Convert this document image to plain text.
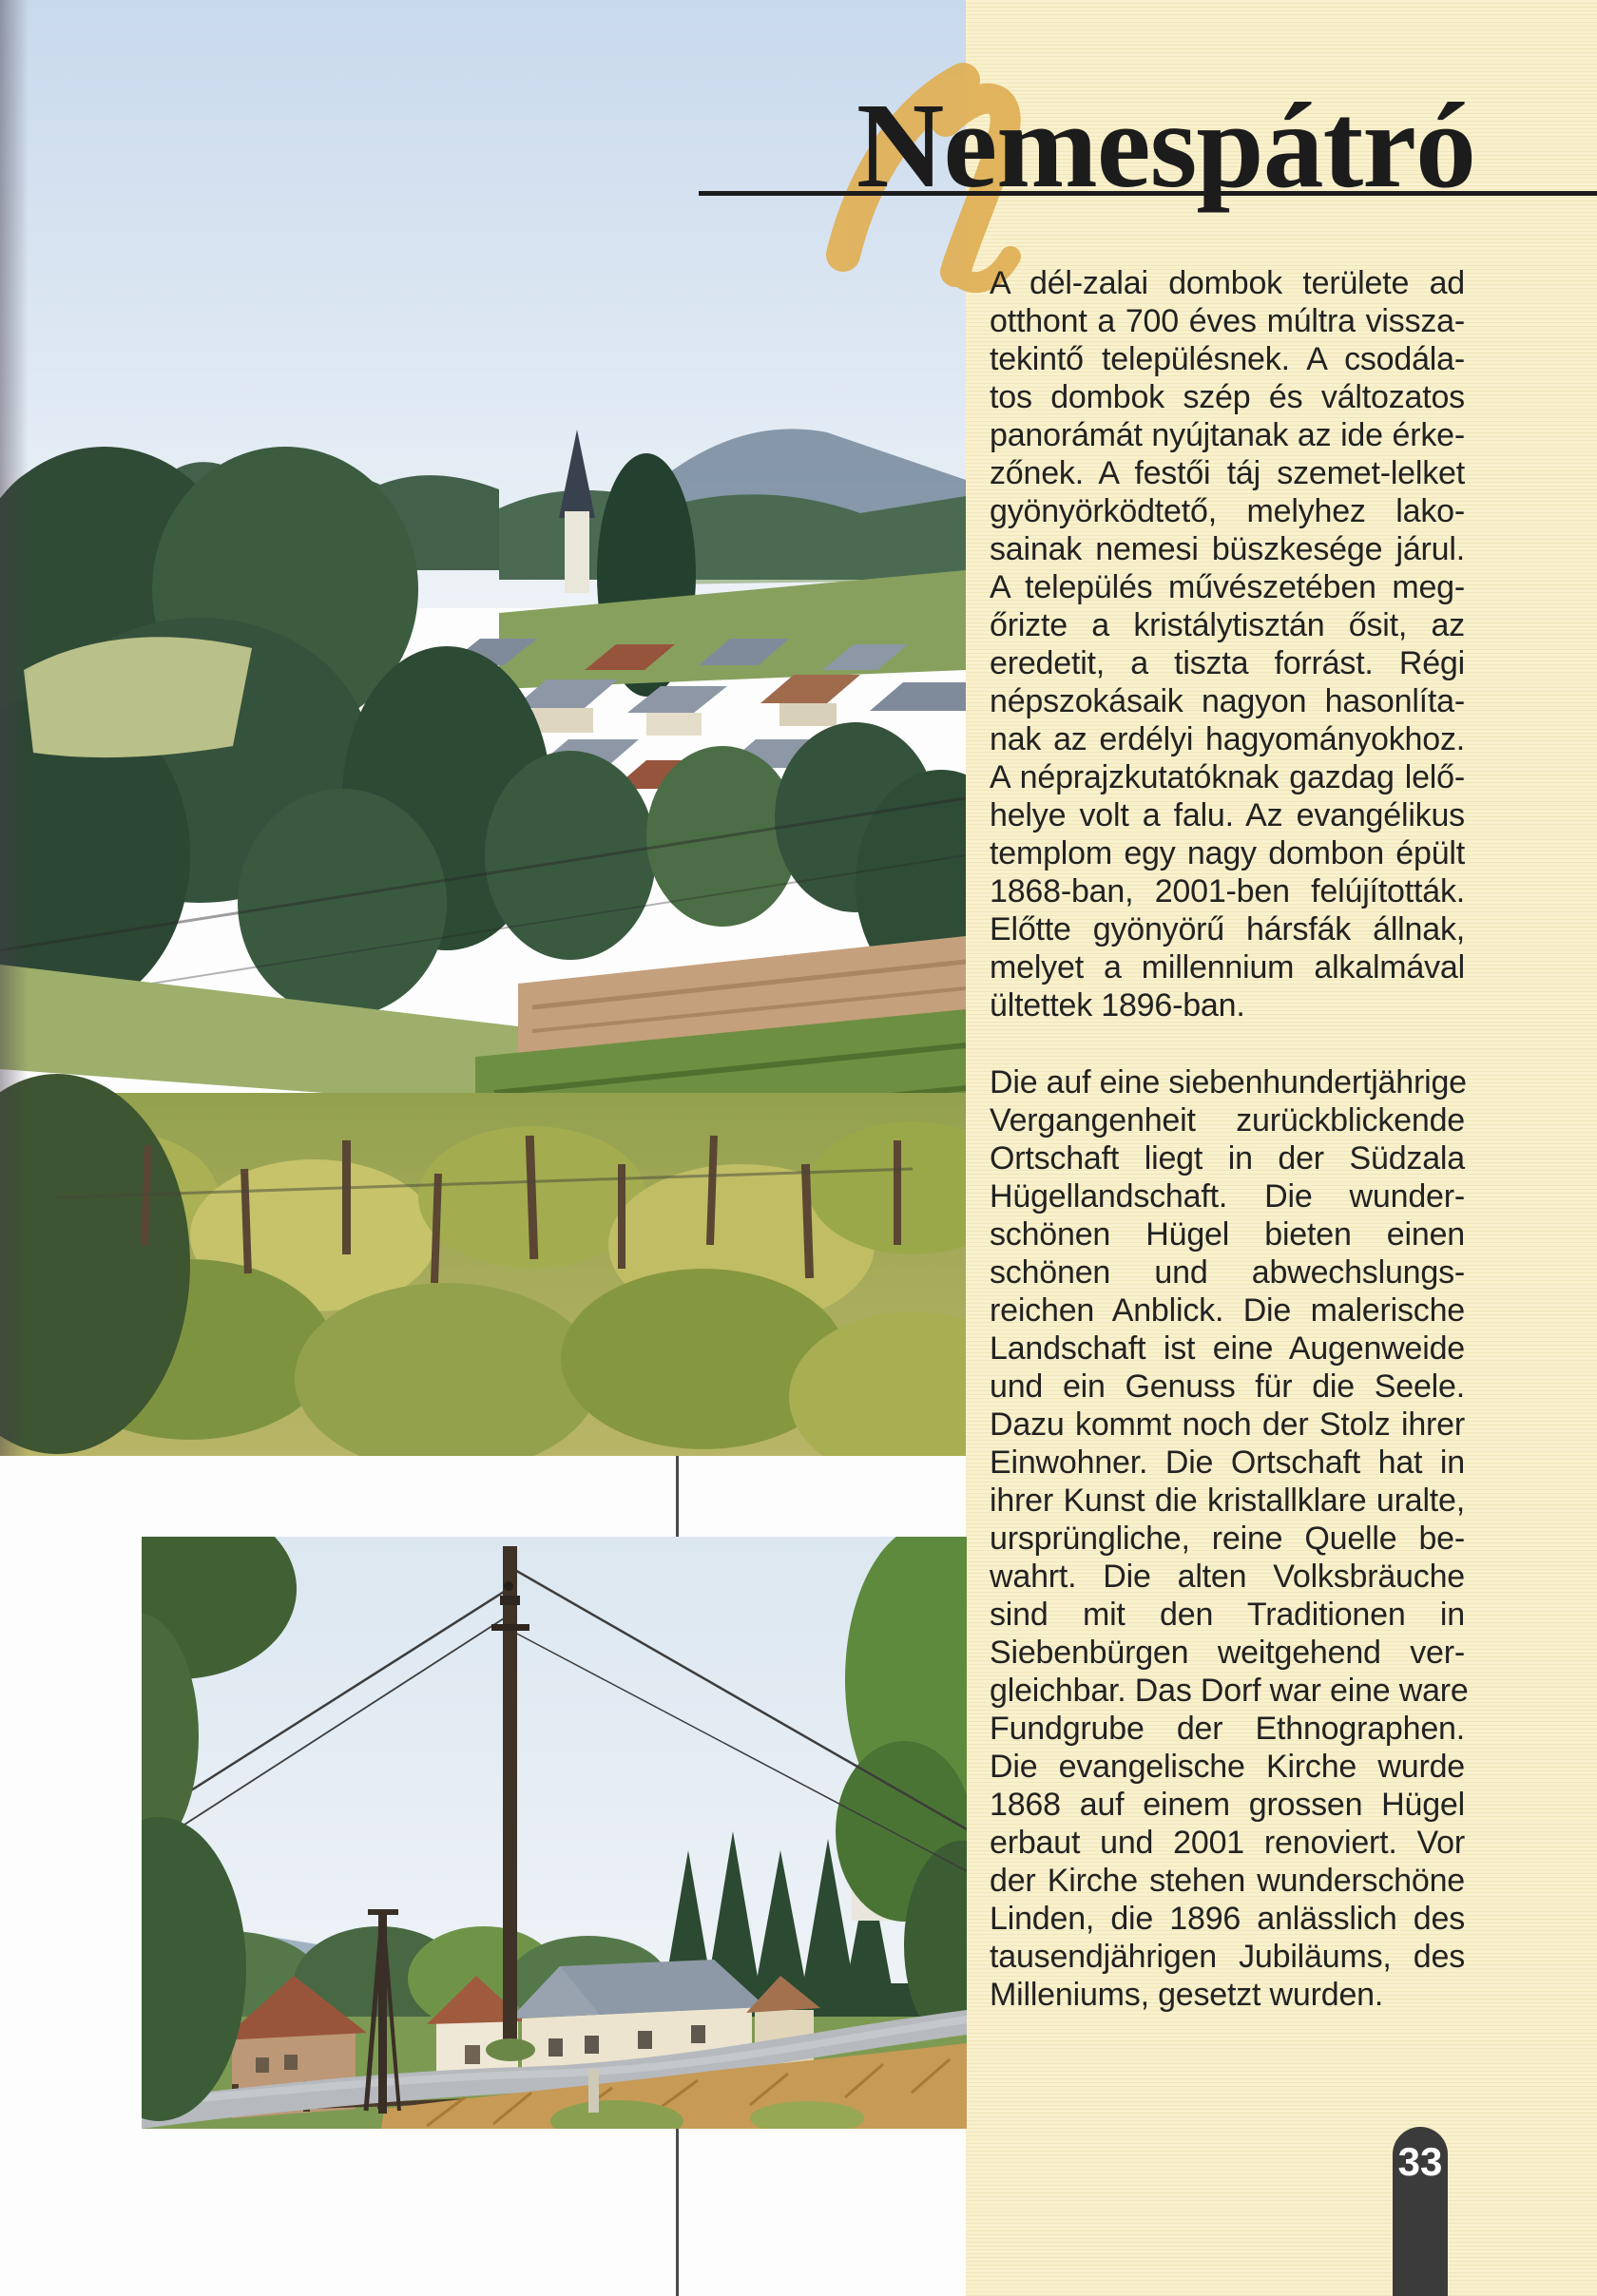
Nemespátró
A dél-zalai dombok területe ad
otthont a 700 éves múltra vissza-
tekintő településnek. A csodála-
tos dombok szép és változatos
panorámát nyújtanak az ide érke-
zőnek. A festői táj szemet-lelket
gyönyörködtető, melyhez lako-
sainak nemesi büszkesége járul.
A település művészetében meg-
őrizte a kristálytisztán ősit, az
eredetit, a tiszta forrást. Régi
népszokásaik nagyon hasonlíta-
nak az erdélyi hagyományokhoz.
A néprajzkutatóknak gazdag lelő-
helye volt a falu. Az evangélikus
templom egy nagy dombon épült
1868-ban, 2001-ben felújították.
Előtte gyönyörű hársfák állnak,
melyet a millennium alkalmával
ültettek 1896-ban.
Die auf eine siebenhundertjährige
Vergangenheit zurückblickende
Ortschaft liegt in der Südzala
Hügellandschaft. Die wunder-
schönen Hügel bieten einen
schönen und abwechslungs-
reichen Anblick. Die malerische
Landschaft ist eine Augenweide
und ein Genuss für die Seele.
Dazu kommt noch der Stolz ihrer
Einwohner. Die Ortschaft hat in
ihrer Kunst die kristallklare uralte,
ursprüngliche, reine Quelle be-
wahrt. Die alten Volksbräuche
sind mit den Traditionen in
Siebenbürgen weitgehend ver-
gleichbar. Das Dorf war eine ware
Fundgrube der Ethnographen.
Die evangelische Kirche wurde
1868 auf einem grossen Hügel
erbaut und 2001 renoviert. Vor
der Kirche stehen wunderschöne
Linden, die 1896 anlässlich des
tausendjährigen Jubiläums, des
Milleniums, gesetzt wurden.
33
